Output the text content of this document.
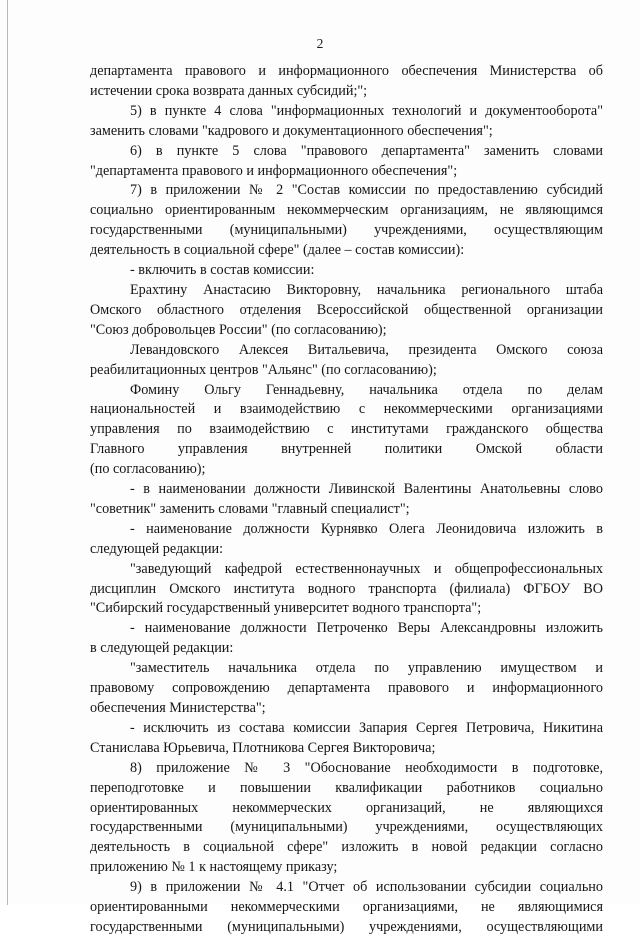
2

департамента правового и информационного обеспечения Министерства об

истечении срока возврата данных субсидий;";

5) в пункте 4 слова "информационных технологий и документооборота"

заменить словами "кадрового и документационного обеспечения";

6) в пункте 5 слова "правового департамента" заменить словами

"департамента правового и информационного обеспечения";

7) в приложении № 2 "Состав комиссии по предоставлению субсидий

социально ориентированным некоммерческим организациям, не являющимся

государственными (муниципальными) учреждениями, осуществляющим

деятельность в социальной сфере" (далее – состав комиссии):

- включить в состав комиссии:

Ерахтину Анастасию Викторовну, начальника регионального штаба

Омского областного отделения Всероссийской общественной организации

"Союз добровольцев России" (по согласованию);

Левандовского Алексея Витальевича, президента Омского союза

реабилитационных центров "Альянс" (по согласованию);

Фомину Ольгу Геннадьевну, начальника отдела по делам

национальностей и взаимодействию с некоммерческими организациями

управления по взаимодействию с институтами гражданского общества

Главного управления внутренней политики Омской области

(по согласованию);

- в наименовании должности Ливинской Валентины Анатольевны слово

"советник" заменить словами "главный специалист";

- наименование должности Курнявко Олега Леонидовича изложить в

следующей редакции:

"заведующий кафедрой естественнонаучных и общепрофессиональных

дисциплин Омского института водного транспорта (филиала) ФГБОУ ВО

"Сибирский государственный университет водного транспорта";

- наименование должности Петроченко Веры Александровны изложить

в следующей редакции:

"заместитель начальника отдела по управлению имуществом и

правовому сопровождению департамента правового и информационного

обеспечения Министерства";

- исключить из состава комиссии Запария Сергея Петровича, Никитина

Станислава Юрьевича, Плотникова Сергея Викторовича;

8) приложение № 3 "Обоснование необходимости в подготовке,

переподготовке и повышении квалификации работников социально

ориентированных некоммерческих организаций, не являющихся

государственными (муниципальными) учреждениями, осуществляющих

деятельность в социальной сфере" изложить в новой редакции согласно

приложению № 1 к настоящему приказу;

9) в приложении № 4.1 "Отчет об использовании субсидии социально

ориентированными некоммерческими организациями, не являющимися

государственными (муниципальными) учреждениями, осуществляющими
